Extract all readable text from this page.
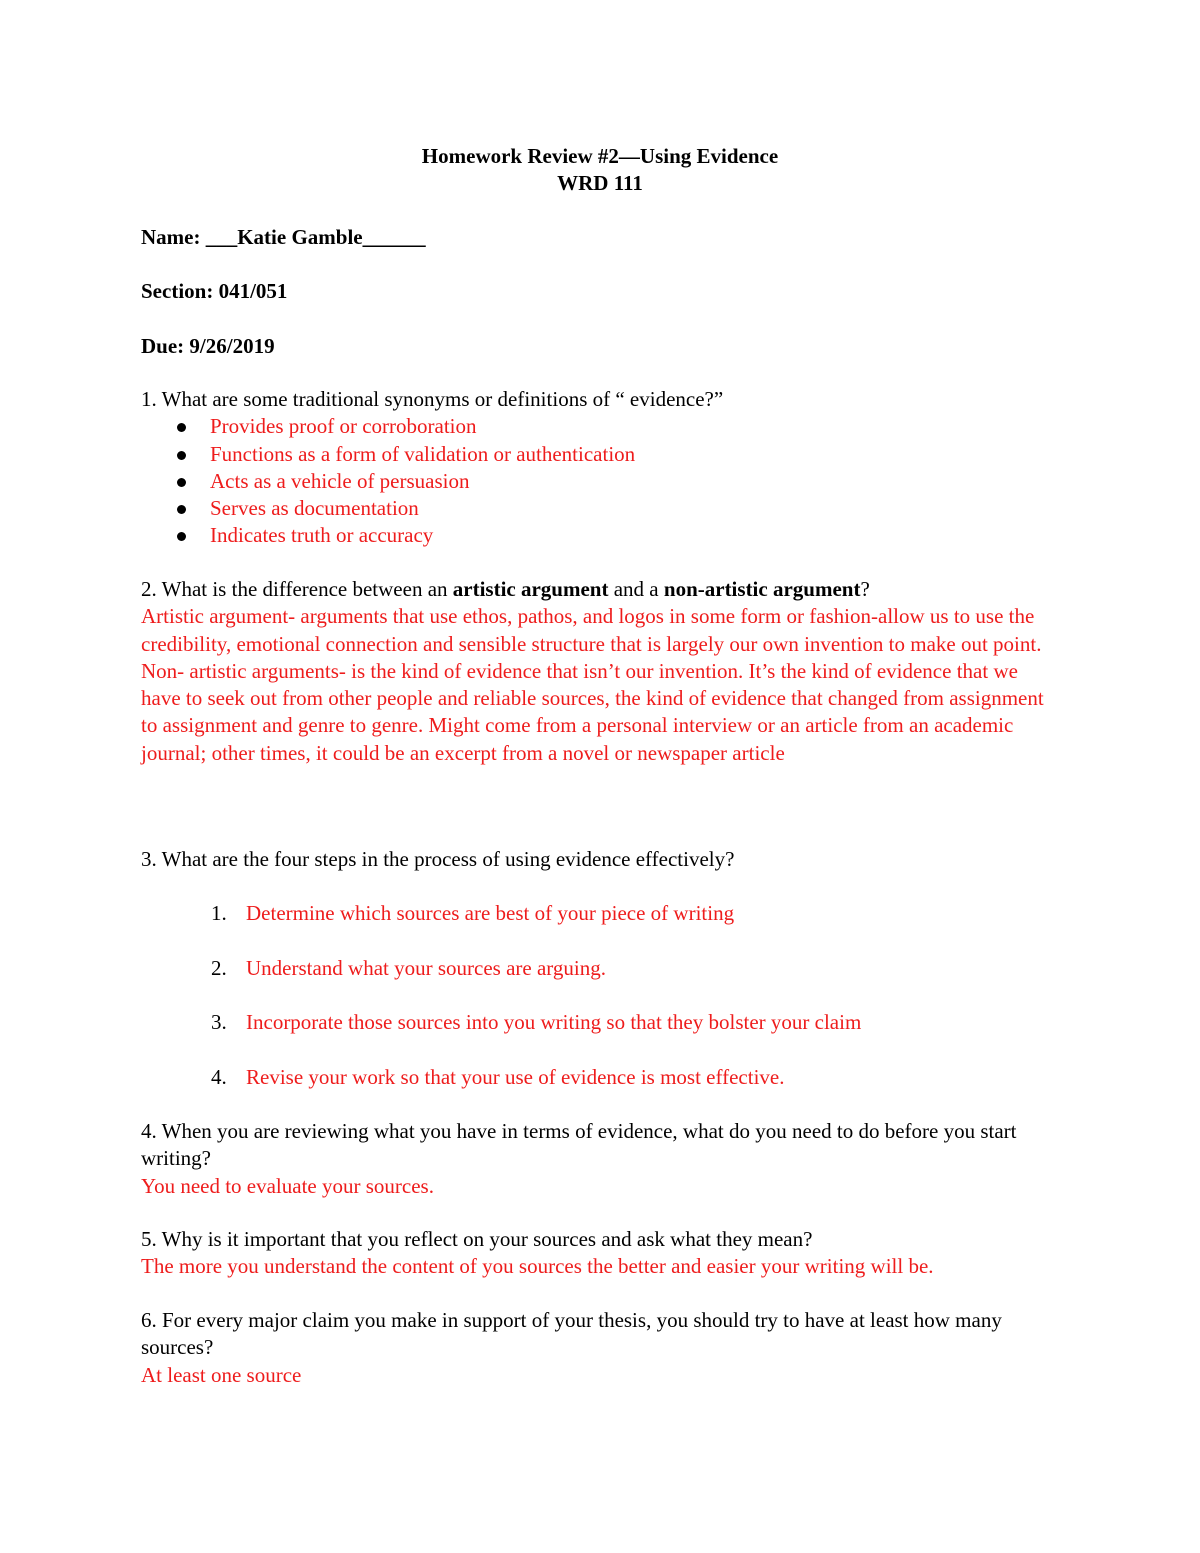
Homework Review #2—Using Evidence
WRD 111
Name: ___Katie Gamble______
Section: 041/051
Due: 9/26/2019

1. What are some traditional synonyms or definitions of “ evidence?”

Provides proof or corroboration
Functions as a form of validation or authentication
Acts as a vehicle of persuasion
Serves as documentation
Indicates truth or accuracy

2. What is the difference between an artistic argument and a non-artistic argument?

Artistic argument- arguments that use ethos, pathos, and logos in some form or fashion-allow us to use the credibility, emotional connection and sensible structure that is largely our own invention to make out point.

Non- artistic arguments- is the kind of evidence that isn’t our invention. It’s the kind of evidence that we have to seek out from other people and reliable sources, the kind of evidence that changed from assignment to assignment and genre to genre. Might come from a personal interview or an article from an academic journal; other times, it could be an excerpt from a novel or newspaper article

3. What are the four steps in the process of using evidence effectively?

1. Determine which sources are best of your piece of writing
2. Understand what your sources are arguing.
3. Incorporate those sources into you writing so that they bolster your claim
4. Revise your work so that your use of evidence is most effective.

4. When you are reviewing what you have in terms of evidence, what do you need to do before you start writing?

You need to evaluate your sources.

5. Why is it important that you reflect on your sources and ask what they mean?

The more you understand the content of you sources the better and easier your writing will be.

6. For every major claim you make in support of your thesis, you should try to have at least how many sources?

At least one source
